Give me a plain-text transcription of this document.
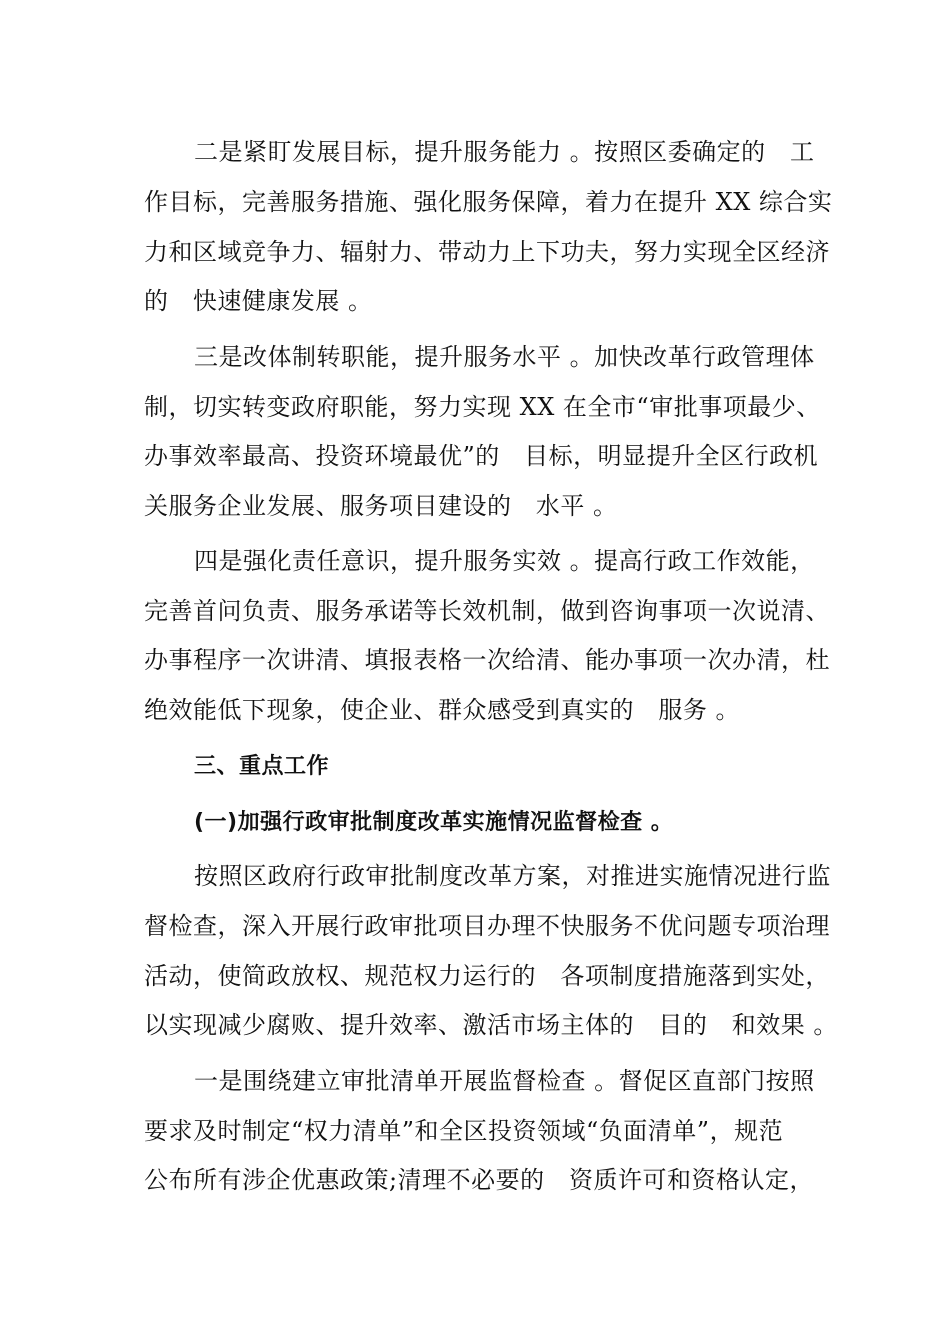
二是紧盯发展目标，提升服务能力 。按照区委确定的   工
作目标，完善服务措施、强化服务保障，着力在提升 XX 综合实
力和区域竞争力、辐射力、带动力上下功夫，努力实现全区经济
的   快速健康发展 。
三是改体制转职能，提升服务水平 。加快改革行政管理体
制，切实转变政府职能，努力实现 XX 在全市“审批事项最少、
办事效率最高、投资环境最优”的   目标，明显提升全区行政机
关服务企业发展、服务项目建设的   水平 。
四是强化责任意识，提升服务实效 。提高行政工作效能，
完善首问负责、服务承诺等长效机制，做到咨询事项一次说清、
办事程序一次讲清、填报表格一次给清、能办事项一次办清，杜
绝效能低下现象，使企业、群众感受到真实的   服务 。
三、重点工作
(一)加强行政审批制度改革实施情况监督检查 。
按照区政府行政审批制度改革方案，对推进实施情况进行监
督检查，深入开展行政审批项目办理不快服务不优问题专项治理
活动，使简政放权、规范权力运行的   各项制度措施落到实处，
以实现减少腐败、提升效率、激活市场主体的   目的   和效果 。
一是围绕建立审批清单开展监督检查 。督促区直部门按照
要求及时制定“权力清单”和全区投资领域“负面清单”，规范
公布所有涉企优惠政策;清理不必要的   资质许可和资格认定，
